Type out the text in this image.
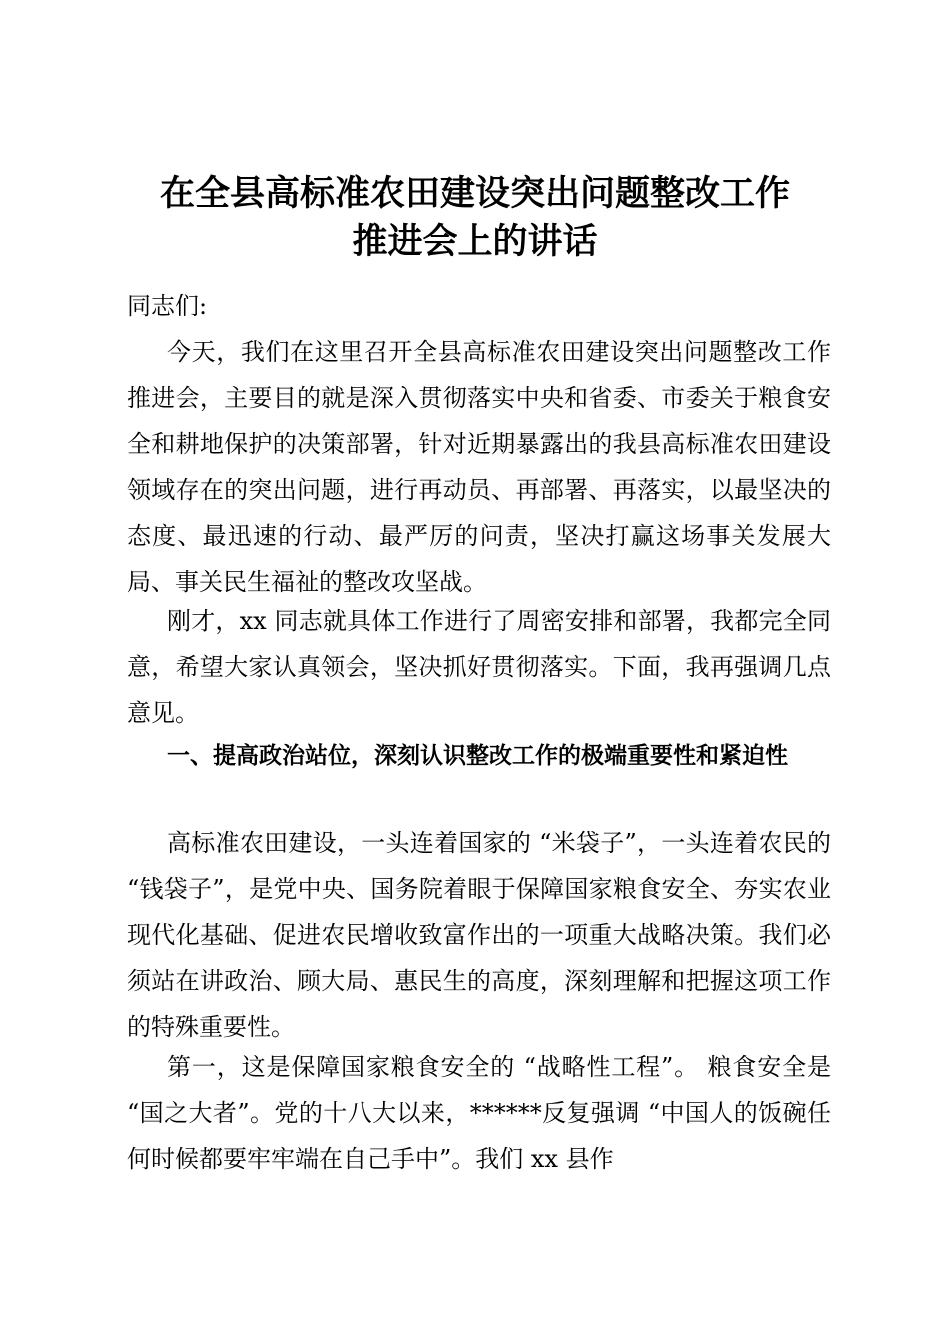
在全县高标准农田建设突出问题整改工作
推进会上的讲话

同志们:

今天，我们在这里召开全县高标准农田建设突出问题整改工作推进会，主要目的就是深入贯彻落实中央和省委、市委关于粮食安全和耕地保护的决策部署，针对近期暴露出的我县高标准农田建设领域存在的突出问题，进行再动员、再部署、再落实，以最坚决的态度、最迅速的行动、最严厉的问责，坚决打赢这场事关发展大局、事关民生福祉的整改攻坚战。

刚才，xx 同志就具体工作进行了周密安排和部署，我都完全同意，希望大家认真领会，坚决抓好贯彻落实。下面，我再强调几点意见。

一、提高政治站位，深刻认识整改工作的极端重要性和紧迫性

高标准农田建设，一头连着国家的 “米袋子”，一头连着农民的 “钱袋子”，是党中央、国务院着眼于保障国家粮食安全、夯实农业现代化基础、促进农民增收致富作出的一项重大战略决策。我们必须站在讲政治、顾大局、惠民生的高度，深刻理解和把握这项工作的特殊重要性。

第一，这是保障国家粮食安全的 “战略性工程”。 粮食安全是 “国之大者”。党的十八大以来，******反复强调 “中国人的饭碗任何时候都要牢牢端在自己手中”。我们 xx 县作
